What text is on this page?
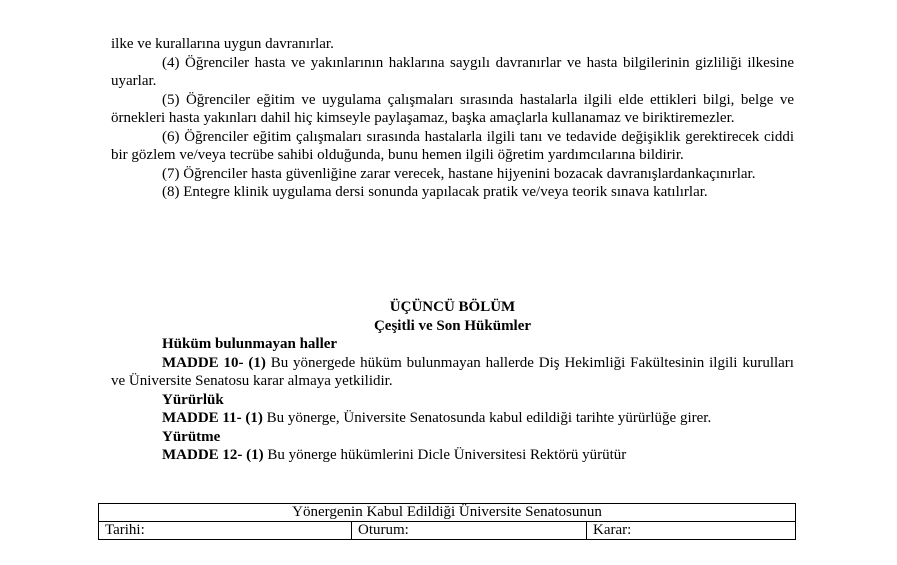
ilke ve kurallarına uygun davranırlar.

(4) Öğrenciler hasta ve yakınlarının haklarına saygılı davranırlar ve hasta bilgilerinin gizliliği ilkesine uyarlar.

(5) Öğrenciler eğitim ve uygulama çalışmaları sırasında hastalarla ilgili elde ettikleri bilgi, belge ve örnekleri hasta yakınları dahil hiç kimseyle paylaşamaz, başka amaçlarla kullanamaz ve biriktiremezler.

(6) Öğrenciler eğitim çalışmaları sırasında hastalarla ilgili tanı ve tedavide değişiklik gerektirecek ciddi bir gözlem ve/veya tecrübe sahibi olduğunda, bunu hemen ilgili öğretim yardımcılarına bildirir.

(7) Öğrenciler hasta güvenliğine zarar verecek, hastane hijyenini bozacak davranışlardankaçınırlar.

(8) Entegre klinik uygulama dersi sonunda yapılacak pratik ve/veya teorik sınava katılırlar.

ÜÇÜNCÜ BÖLÜM

Çeşitli ve Son Hükümler

Hüküm bulunmayan haller

MADDE 10- (1) Bu yönergede hüküm bulunmayan hallerde Diş Hekimliği Fakültesinin ilgili kurulları ve Üniversite Senatosu karar almaya yetkilidir.

Yürürlük

MADDE 11- (1) Bu yönerge, Üniversite Senatosunda kabul edildiği tarihte yürürlüğe girer.

Yürütme

MADDE 12- (1) Bu yönerge hükümlerini Dicle Üniversitesi Rektörü yürütür

Yönergenin Kabul Edildiği Üniversite Senatosunun
Tarihi:	Oturum:	Karar:
